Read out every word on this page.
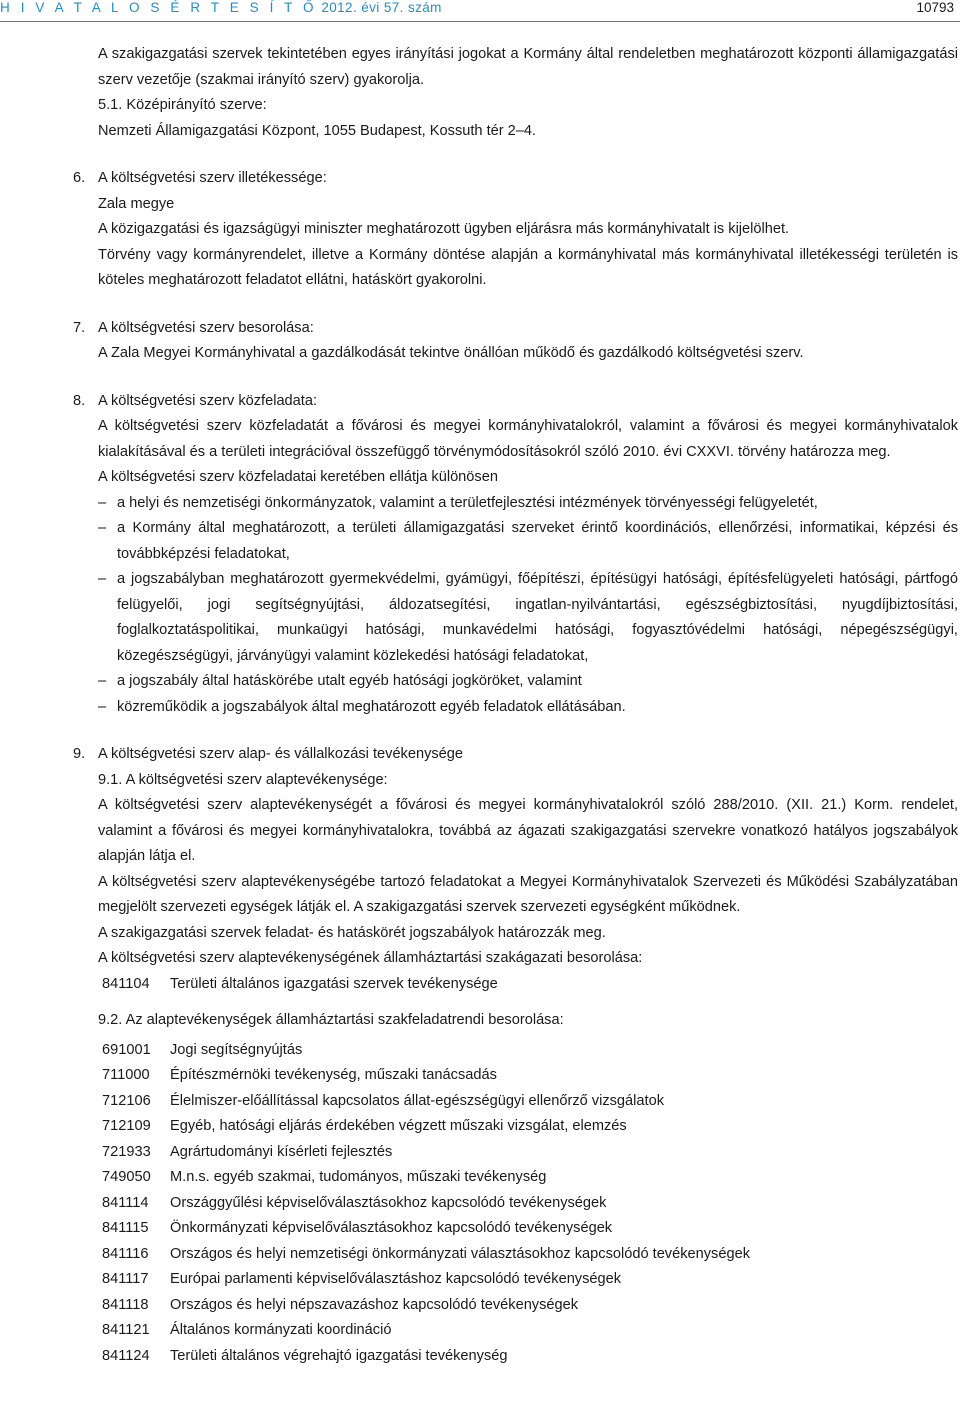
H I V A T A L O S É R T E S Í T Ő 2012. évi 57. szám	10793

A szakigazgatási szervek tekintetében egyes irányítási jogokat a Kormány által rendeletben meghatározott központi államigazgatási szerv vezetője (szakmai irányító szerv) gyakorolja.

5.1. Középirányító szerve:

Nemzeti Államigazgatási Központ, 1055 Budapest, Kossuth tér 2–4.

6. A költségvetési szerv illetékessége:

Zala megye

A közigazgatási és igazságügyi miniszter meghatározott ügyben eljárásra más kormányhivatalt is kijelölhet.

Törvény vagy kormányrendelet, illetve a Kormány döntése alapján a kormányhivatal más kormányhivatal illetékességi területén is köteles meghatározott feladatot ellátni, hatáskört gyakorolni.

7. A költségvetési szerv besorolása:

A Zala Megyei Kormányhivatal a gazdálkodását tekintve önállóan működő és gazdálkodó költségvetési szerv.

8. A költségvetési szerv közfeladata:

A költségvetési szerv közfeladatát a fővárosi és megyei kormányhivatalokról, valamint a fővárosi és megyei kormányhivatalok kialakításával és a területi integrációval összefüggő törvénymódosításokról szóló 2010. évi CXXVI. törvény határozza meg.

A költségvetési szerv közfeladatai keretében ellátja különösen

– a helyi és nemzetiségi önkormányzatok, valamint a területfejlesztési intézmények törvényességi felügyeletét,
– a Kormány által meghatározott, a területi államigazgatási szerveket érintő koordinációs, ellenőrzési, informatikai, képzési és továbbképzési feladatokat,
– a jogszabályban meghatározott gyermekvédelmi, gyámügyi, főépítészi, építésügyi hatósági, építésfelügyeleti hatósági, pártfogó felügyelői, jogi segítségnyújtási, áldozatsegítési, ingatlan-nyilvántartási, egészségbiztosítási, nyugdíjbiztosítási, foglalkoztatáspolitikai, munkaügyi hatósági, munkavédelmi hatósági, fogyasztóvédelmi hatósági, népegészségügyi, közegészségügyi, járványügyi valamint közlekedési hatósági feladatokat,
– a jogszabály által hatáskörébe utalt egyéb hatósági jogköröket, valamint
– közreműködik a jogszabályok által meghatározott egyéb feladatok ellátásában.
9. A költségvetési szerv alap- és vállalkozási tevékenysége

9.1. A költségvetési szerv alaptevékenysége:

A költségvetési szerv alaptevékenységét a fővárosi és megyei kormányhivatalokról szóló 288/2010. (XII. 21.) Korm. rendelet, valamint a fővárosi és megyei kormányhivatalokra, továbbá az ágazati szakigazgatási szervekre vonatkozó hatályos jogszabályok alapján látja el.

A költségvetési szerv alaptevékenységébe tartozó feladatokat a Megyei Kormányhivatalok Szervezeti és Működési Szabályzatában megjelölt szervezeti egységek látják el. A szakigazgatási szervek szervezeti egységként működnek.

A szakigazgatási szervek feladat- és hatáskörét jogszabályok határozzák meg.

A költségvetési szerv alaptevékenységének államháztartási szakágazati besorolása:

841104	Területi általános igazgatási szervek tevékenysége

9.2. Az alaptevékenységek államháztartási szakfeladatrendi besorolása:

691001	Jogi segítségnyújtás
711000	Építészmérnöki tevékenység, műszaki tanácsadás
712106	Élelmiszer-előállítással kapcsolatos állat-egészségügyi ellenőrző vizsgálatok
712109	Egyéb, hatósági eljárás érdekében végzett műszaki vizsgálat, elemzés
721933	Agrártudományi kísérleti fejlesztés
749050	M.n.s. egyéb szakmai, tudományos, műszaki tevékenység
841114	Országgyűlési képviselőválasztásokhoz kapcsolódó tevékenységek
841115	Önkormányzati képviselőválasztásokhoz kapcsolódó tevékenységek
841116	Országos és helyi nemzetiségi önkormányzati választásokhoz kapcsolódó tevékenységek
841117	Európai parlamenti képviselőválasztáshoz kapcsolódó tevékenységek
841118	Országos és helyi népszavazáshoz kapcsolódó tevékenységek
841121	Általános kormányzati koordináció
841124	Területi általános végrehajtó igazgatási tevékenység
